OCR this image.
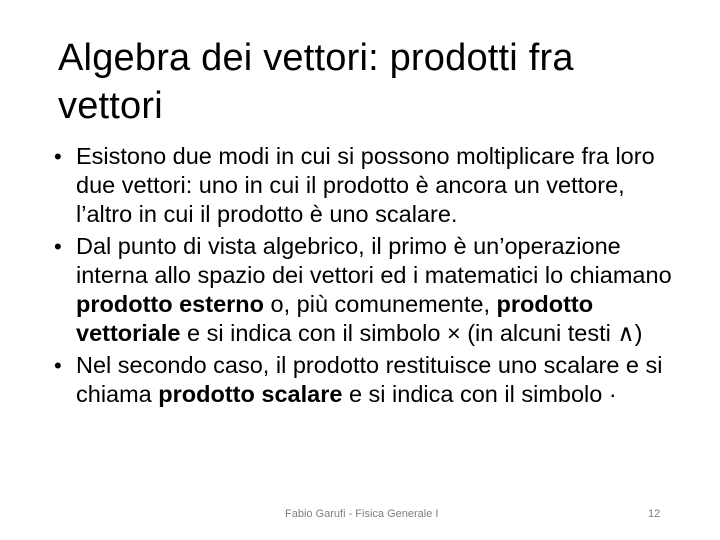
Algebra dei vettori: prodotti fra vettori
• Esistono due modi in cui si possono moltiplicare fra loro due vettori: uno in cui il prodotto è ancora un vettore, l’altro in cui il prodotto è uno scalare.
• Dal punto di vista algebrico, il primo è un’operazione interna allo spazio dei vettori ed i matematici lo chiamano prodotto esterno o, più comunemente, prodotto vettoriale e si indica con il simbolo × (in alcuni testi ∧)
• Nel secondo caso, il prodotto restituisce uno scalare e si chiama prodotto scalare e si indica con il simbolo ·
Fabio Garufi - Fisica Generale I	12
